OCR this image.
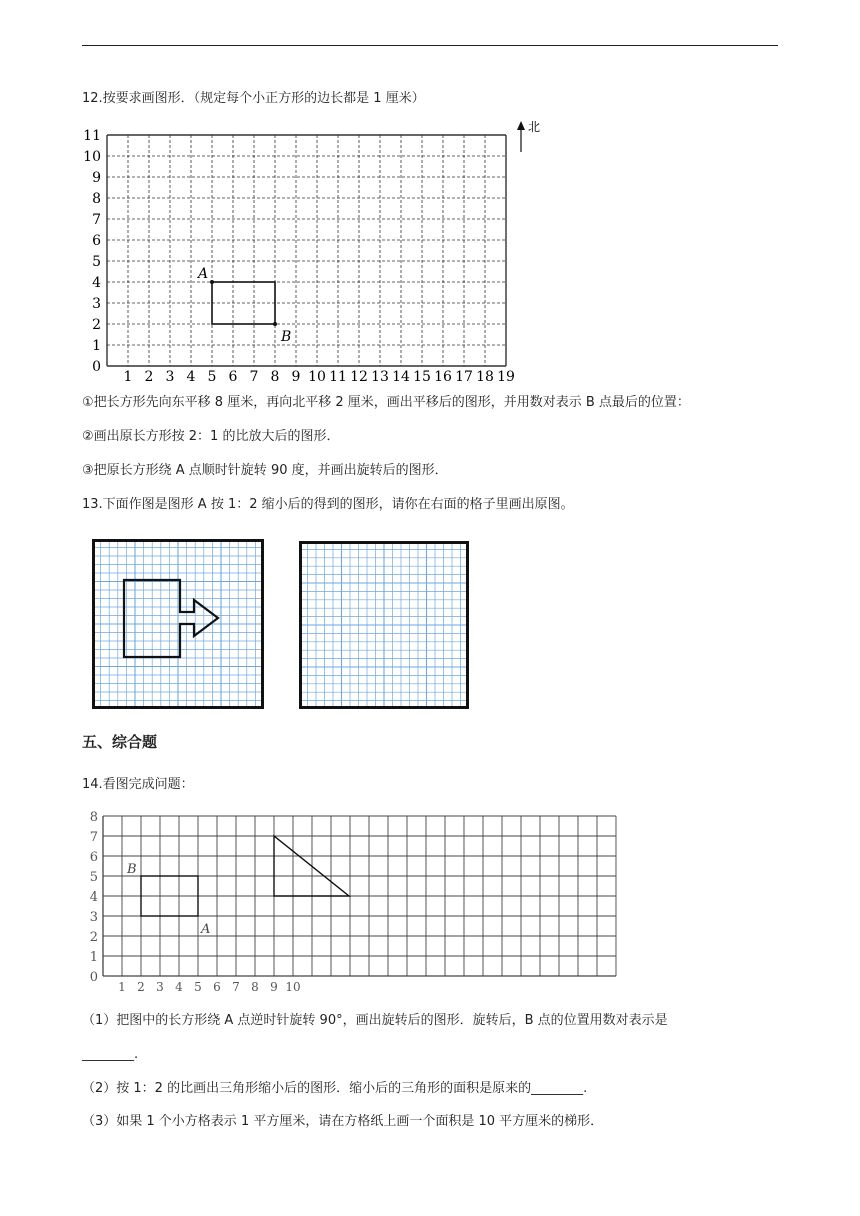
12.按要求画图形．（规定每个小正方形的边长都是 1 厘米）
1 2 3 4 5 6 7 8 9 10 11 12 13 14 15 16 17 18 19
0
1
2
3
4
5
6
7
8
9
10
11
A
B
北
①把长方形先向东平移 8 厘米，再向北平移 2 厘米，画出平移后的图形，并用数对表示 B 点最后的位置：
②画出原长方形按 2：1 的比放大后的图形．
③把原长方形绕 A 点顺时针旋转 90 度，并画出旋转后的图形．
13.下面作图是图形 A 按 1：2 缩小后的得到的图形，请你在右面的格子里画出原图。
五、综合题
14.看图完成问题：
1 2 3 4 5 6 7 8 9 10
0
1
2
3
4
5
6
7
8
B
A
（1）把图中的长方形绕 A 点逆时针旋转 90°，画出旋转后的图形．旋转后，B 点的位置用数对表示是
________.
（2）按 1：2 的比画出三角形缩小后的图形．缩小后的三角形的面积是原来的________.
（3）如果 1 个小方格表示 1 平方厘米，请在方格纸上画一个面积是 10 平方厘米的梯形．
